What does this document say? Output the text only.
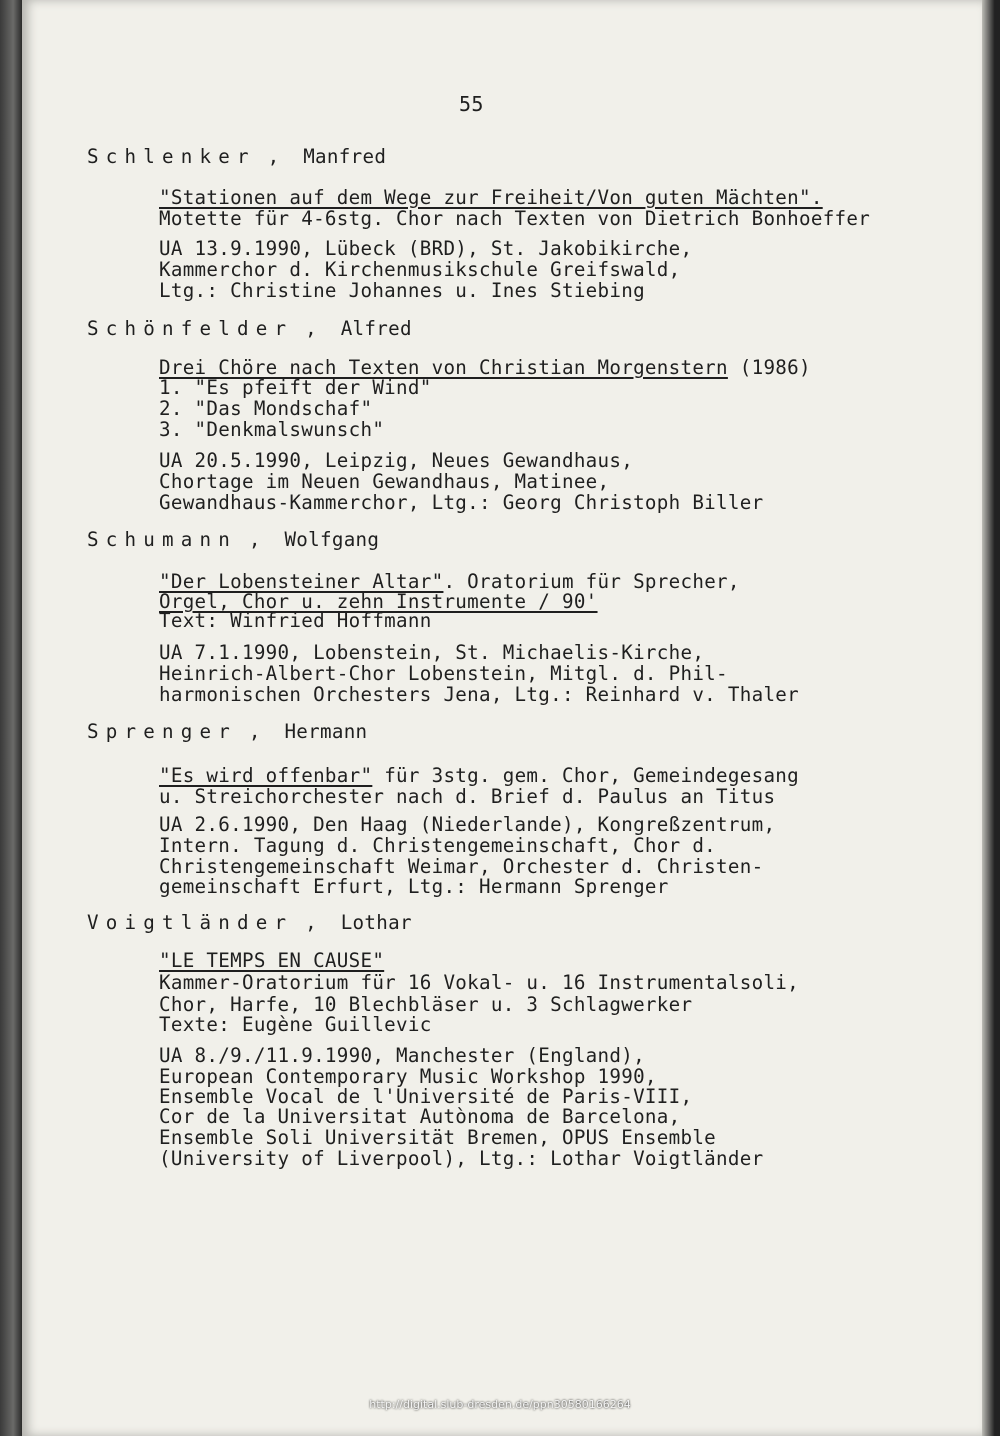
55
Schlenker ,  Manfred
"Stationen auf dem Wege zur Freiheit/Von guten Mächten".
Motette für 4-6stg. Chor nach Texten von Dietrich Bonhoeffer
UA 13.9.1990, Lübeck (BRD), St. Jakobikirche,
Kammerchor d. Kirchenmusikschule Greifswald,
Ltg.: Christine Johannes u. Ines Stiebing
Schönfelder ,  Alfred
Drei Chöre nach Texten von Christian Morgenstern (1986)
1. "Es pfeift der Wind"
2. "Das Mondschaf"
3. "Denkmalswunsch"
UA 20.5.1990, Leipzig, Neues Gewandhaus,
Chortage im Neuen Gewandhaus, Matinee,
Gewandhaus-Kammerchor, Ltg.: Georg Christoph Biller
Schumann ,  Wolfgang
"Der Lobensteiner Altar". Oratorium für Sprecher,
Orgel, Chor u. zehn Instrumente / 90'
Text: Winfried Hoffmann
UA 7.1.1990, Lobenstein, St. Michaelis-Kirche,
Heinrich-Albert-Chor Lobenstein, Mitgl. d. Phil-
harmonischen Orchesters Jena, Ltg.: Reinhard v. Thaler
Sprenger ,  Hermann
"Es wird offenbar" für 3stg. gem. Chor, Gemeindegesang
u. Streichorchester nach d. Brief d. Paulus an Titus
UA 2.6.1990, Den Haag (Niederlande), Kongreßzentrum,
Intern. Tagung d. Christengemeinschaft, Chor d.
Christengemeinschaft Weimar, Orchester d. Christen-
gemeinschaft Erfurt, Ltg.: Hermann Sprenger
Voigtländer ,  Lothar
"LE TEMPS EN CAUSE"
Kammer-Oratorium für 16 Vokal- u. 16 Instrumentalsoli,
Chor, Harfe, 10 Blechbläser u. 3 Schlagwerker
Texte: Eugène Guillevic
UA 8./9./11.9.1990, Manchester (England),
European Contemporary Music Workshop 1990,
Ensemble Vocal de l'Université de Paris-VIII,
Cor de la Universitat Autònoma de Barcelona,
Ensemble Soli Universität Bremen, OPUS Ensemble
(University of Liverpool), Ltg.: Lothar Voigtländer
http://digital.slub-dresden.de/ppn30580166264
